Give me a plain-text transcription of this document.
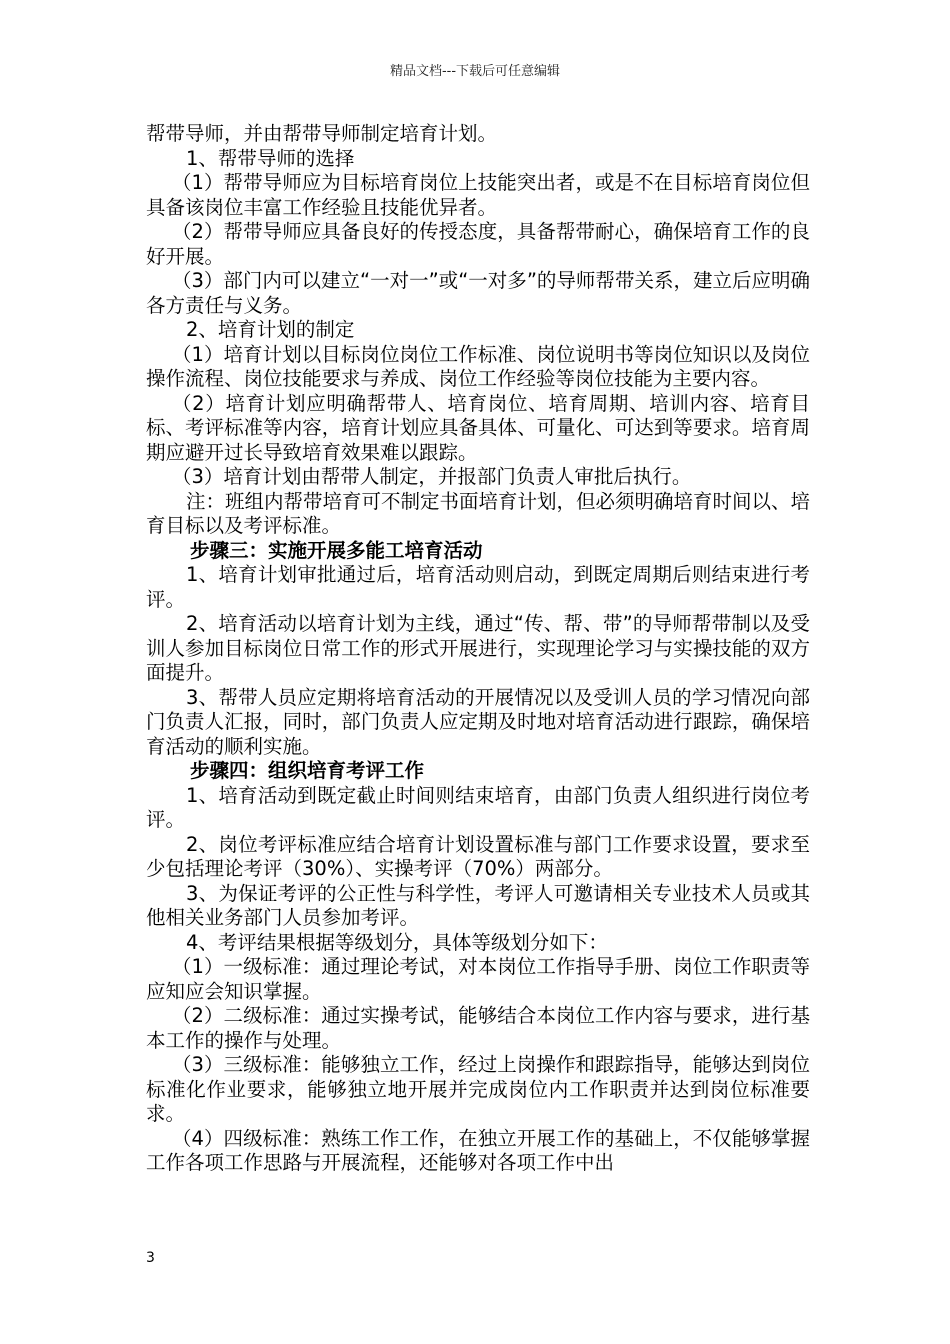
精品文档---下载后可任意编辑

帮带导师，并由帮带导师制定培育计划。

1、帮带导师的选择

（1）帮带导师应为目标培育岗位上技能突出者，或是不在目标培育岗位但具备该岗位丰富工作经验且技能优异者。

（2）帮带导师应具备良好的传授态度，具备帮带耐心，确保培育工作的良好开展。

（3）部门内可以建立“一对一”或“一对多”的导师帮带关系，建立后应明确各方责任与义务。

2、培育计划的制定

（1）培育计划以目标岗位岗位工作标准、岗位说明书等岗位知识以及岗位操作流程、岗位技能要求与养成、岗位工作经验等岗位技能为主要内容。

（2）培育计划应明确帮带人、培育岗位、培育周期、培训内容、培育目标、考评标准等内容，培育计划应具备具体、可量化、可达到等要求。培育周期应避开过长导致培育效果难以跟踪。

（3）培育计划由帮带人制定，并报部门负责人审批后执行。

注：班组内帮带培育可不制定书面培育计划，但必须明确培育时间以、培育目标以及考评标准。

步骤三：实施开展多能工培育活动

1、培育计划审批通过后，培育活动则启动，到既定周期后则结束进行考评。

2、培育活动以培育计划为主线，通过“传、帮、带”的导师帮带制以及受训人参加目标岗位日常工作的形式开展进行，实现理论学习与实操技能的双方面提升。

3、帮带人员应定期将培育活动的开展情况以及受训人员的学习情况向部门负责人汇报，同时，部门负责人应定期及时地对培育活动进行跟踪，确保培育活动的顺利实施。

步骤四：组织培育考评工作

1、培育活动到既定截止时间则结束培育，由部门负责人组织进行岗位考评。

2、岗位考评标准应结合培育计划设置标准与部门工作要求设置，要求至少包括理论考评（30%）、实操考评（70%）两部分。

3、为保证考评的公正性与科学性，考评人可邀请相关专业技术人员或其他相关业务部门人员参加考评。

4、考评结果根据等级划分，具体等级划分如下：

（1）一级标准：通过理论考试，对本岗位工作指导手册、岗位工作职责等应知应会知识掌握。

（2）二级标准：通过实操考试，能够结合本岗位工作内容与要求，进行基本工作的操作与处理。

（3）三级标准：能够独立工作，经过上岗操作和跟踪指导，能够达到岗位标准化作业要求，能够独立地开展并完成岗位内工作职责并达到岗位标准要求。

（4）四级标准：熟练工作工作，在独立开展工作的基础上，不仅能够掌握工作各项工作思路与开展流程，还能够对各项工作中出

3
